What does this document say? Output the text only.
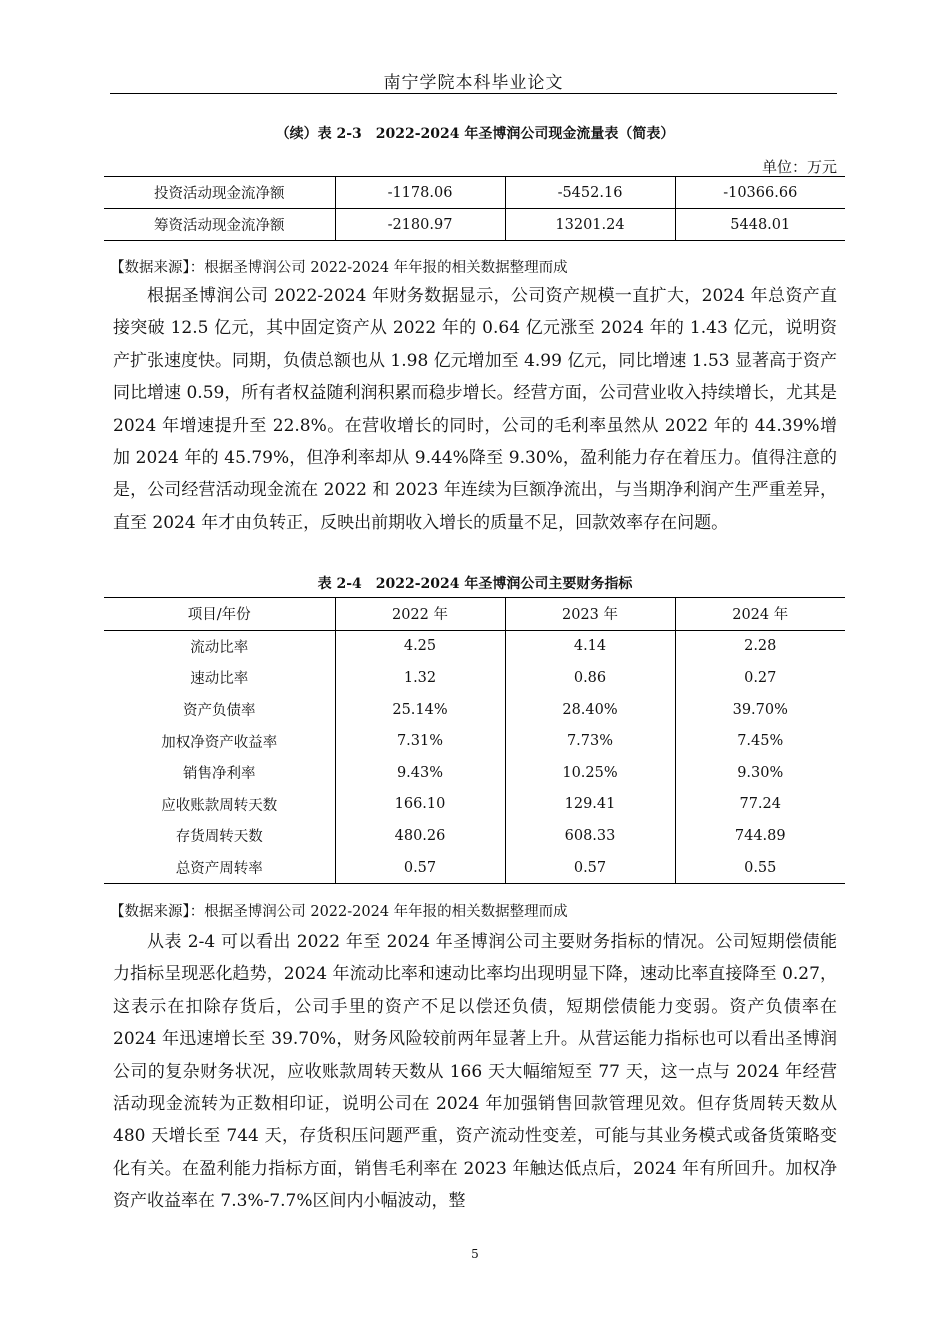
南宁学院本科毕业论文
（续）表 2-3　2022-2024 年圣博润公司现金流量表（简表）
单位：万元
投资活动现金流净额	-1178.06	-5452.16	-10366.66
筹资活动现金流净额	-2180.97	13201.24	5448.01
【数据来源】：根据圣博润公司 2022-2024 年年报的相关数据整理而成

根据圣博润公司 2022-2024 年财务数据显示，公司资产规模一直扩大，2024 年总资产直接突破 12.5 亿元，其中固定资产从 2022 年的 0.64 亿元涨至 2024 年的 1.43 亿元，说明资产扩张速度快。同期，负债总额也从 1.98 亿元增加至 4.99 亿元，同比增速 1.53 显著高于资产同比增速 0.59，所有者权益随利润积累而稳步增长。经营方面，公司营业收入持续增长，尤其是 2024 年增速提升至 22.8%。在营收增长的同时，公司的毛利率虽然从 2022 年的 44.39%增加 2024 年的 45.79%，但净利率却从 9.44%降至 9.30%，盈利能力存在着压力。值得注意的是，公司经营活动现金流在 2022 和 2023 年连续为巨额净流出，与当期净利润产生严重差异，直至 2024 年才由负转正，反映出前期收入增长的质量不足，回款效率存在问题。

表 2-4　2022-2024 年圣博润公司主要财务指标
项目/年份	2022 年	2023 年	2024 年
流动比率	4.25	4.14	2.28
速动比率	1.32	0.86	0.27
资产负债率	25.14%	28.40%	39.70%
加权净资产收益率	7.31%	7.73%	7.45%
销售净利率	9.43%	10.25%	9.30%
应收账款周转天数	166.10	129.41	77.24
存货周转天数	480.26	608.33	744.89
总资产周转率	0.57	0.57	0.55
【数据来源】：根据圣博润公司 2022-2024 年年报的相关数据整理而成

从表 2-4 可以看出 2022 年至 2024 年圣博润公司主要财务指标的情况。公司短期偿债能力指标呈现恶化趋势，2024 年流动比率和速动比率均出现明显下降，速动比率直接降至 0.27，这表示在扣除存货后，公司手里的资产不足以偿还负债，短期偿债能力变弱。资产负债率在 2024 年迅速增长至 39.70%，财务风险较前两年显著上升。从营运能力指标也可以看出圣博润公司的复杂财务状况，应收账款周转天数从 166 天大幅缩短至 77 天，这一点与 2024 年经营活动现金流转为正数相印证，说明公司在 2024 年加强销售回款管理见效。但存货周转天数从 480 天增长至 744 天，存货积压问题严重，资产流动性变差，可能与其业务模式或备货策略变化有关。在盈利能力指标方面，销售毛利率在 2023 年触达低点后，2024 年有所回升。加权净资产收益率在 7.3%-7.7%区间内小幅波动，整

5
